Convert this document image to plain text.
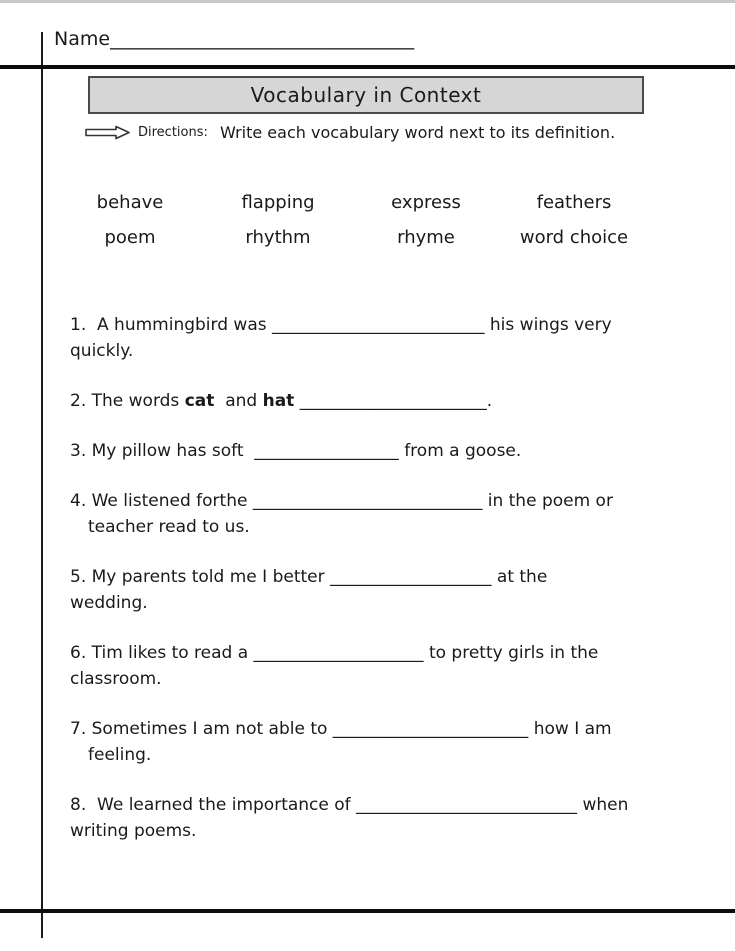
Name________________________________
Vocabulary in Context
Directions: Write each vocabulary word next to its definition.
behave	flapping	express	feathers
poem	rhythm	rhyme	word choice
1.  A hummingbird was _________________________ his wings very
quickly.
2. The words cat  and hat ______________________.
3. My pillow has soft  _________________ from a goose.
4. We listened forthe ___________________________ in the poem or
teacher read to us.
5. My parents told me I better ___________________ at the
wedding.
6. Tim likes to read a ____________________ to pretty girls in the
classroom.
7. Sometimes I am not able to _______________________ how I am
feeling.
8.  We learned the importance of __________________________ when
writing poems.
